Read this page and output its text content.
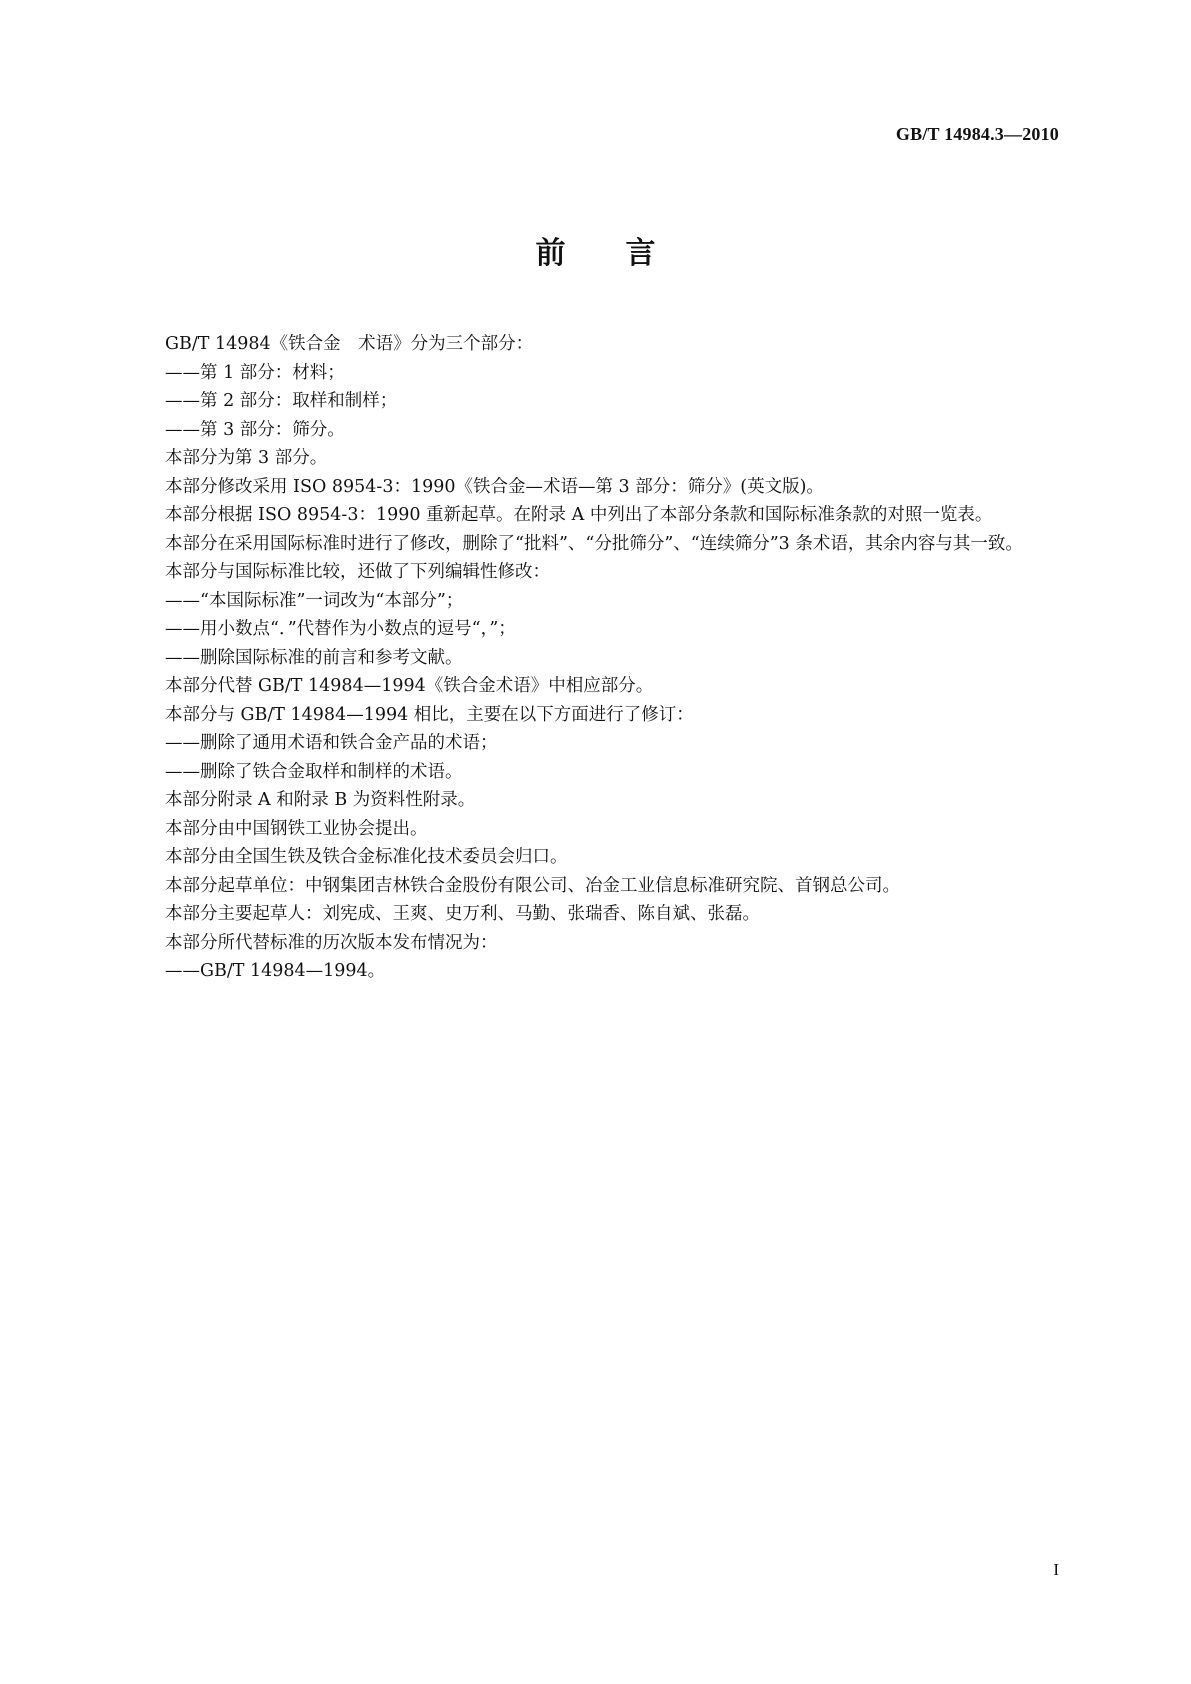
GB/T 14984.3—2010
前言

GB/T 14984《铁合金　术语》分为三个部分：

——第 1 部分：材料；

——第 2 部分：取样和制样；

——第 3 部分：筛分。

本部分为第 3 部分。

本部分修改采用 ISO 8954-3：1990《铁合金—术语—第 3 部分：筛分》(英文版)。

本部分根据 ISO 8954-3：1990 重新起草。在附录 A 中列出了本部分条款和国际标准条款的对照一览表。

本部分在采用国际标准时进行了修改，删除了“批料”、“分批筛分”、“连续筛分”3 条术语，其余内容与其一致。

本部分与国际标准比较，还做了下列编辑性修改：

——“本国际标准”一词改为“本部分”；

——用小数点“．”代替作为小数点的逗号“，”；

——删除国际标准的前言和参考文献。

本部分代替 GB/T 14984—1994《铁合金术语》中相应部分。

本部分与 GB/T 14984—1994 相比，主要在以下方面进行了修订：

——删除了通用术语和铁合金产品的术语；

——删除了铁合金取样和制样的术语。

本部分附录 A 和附录 B 为资料性附录。

本部分由中国钢铁工业协会提出。

本部分由全国生铁及铁合金标准化技术委员会归口。

本部分起草单位：中钢集团吉林铁合金股份有限公司、冶金工业信息标准研究院、首钢总公司。

本部分主要起草人：刘宪成、王爽、史万利、马勤、张瑞香、陈自斌、张磊。

本部分所代替标准的历次版本发布情况为：

——GB/T 14984—1994。

I
